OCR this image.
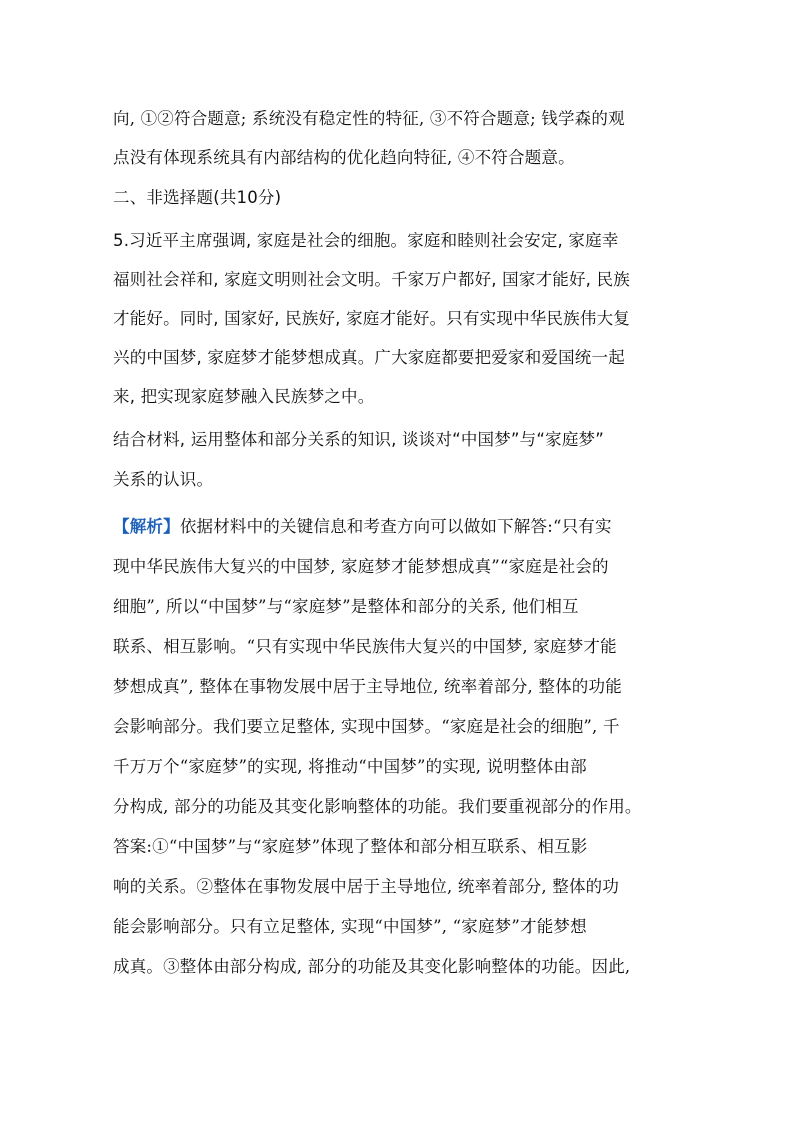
向, ①②符合题意; 系统没有稳定性的特征, ③不符合题意; 钱学森的观
点没有体现系统具有内部结构的优化趋向特征, ④不符合题意。
二、非选择题(共10分)
5.习近平主席强调, 家庭是社会的细胞。家庭和睦则社会安定, 家庭幸
福则社会祥和, 家庭文明则社会文明。千家万户都好, 国家才能好, 民族
才能好。同时, 国家好, 民族好, 家庭才能好。只有实现中华民族伟大复
兴的中国梦, 家庭梦才能梦想成真。广大家庭都要把爱家和爱国统一起
来, 把实现家庭梦融入民族梦之中。
结合材料, 运用整体和部分关系的知识, 谈谈对“中国梦”与“家庭梦”
关系的认识。
【解析】依据材料中的关键信息和考查方向可以做如下解答:“只有实
现中华民族伟大复兴的中国梦, 家庭梦才能梦想成真”“家庭是社会的
细胞”, 所以“中国梦”与“家庭梦”是整体和部分的关系, 他们相互
联系、相互影响。“只有实现中华民族伟大复兴的中国梦, 家庭梦才能
梦想成真”, 整体在事物发展中居于主导地位, 统率着部分, 整体的功能
会影响部分。我们要立足整体, 实现中国梦。“家庭是社会的细胞”, 千
千万万个“家庭梦”的实现, 将推动“中国梦”的实现, 说明整体由部
分构成, 部分的功能及其变化影响整体的功能。我们要重视部分的作用。
答案:①“中国梦”与“家庭梦”体现了整体和部分相互联系、相互影
响的关系。②整体在事物发展中居于主导地位, 统率着部分, 整体的功
能会影响部分。只有立足整体, 实现“中国梦”, “家庭梦”才能梦想
成真。③整体由部分构成, 部分的功能及其变化影响整体的功能。因此,
